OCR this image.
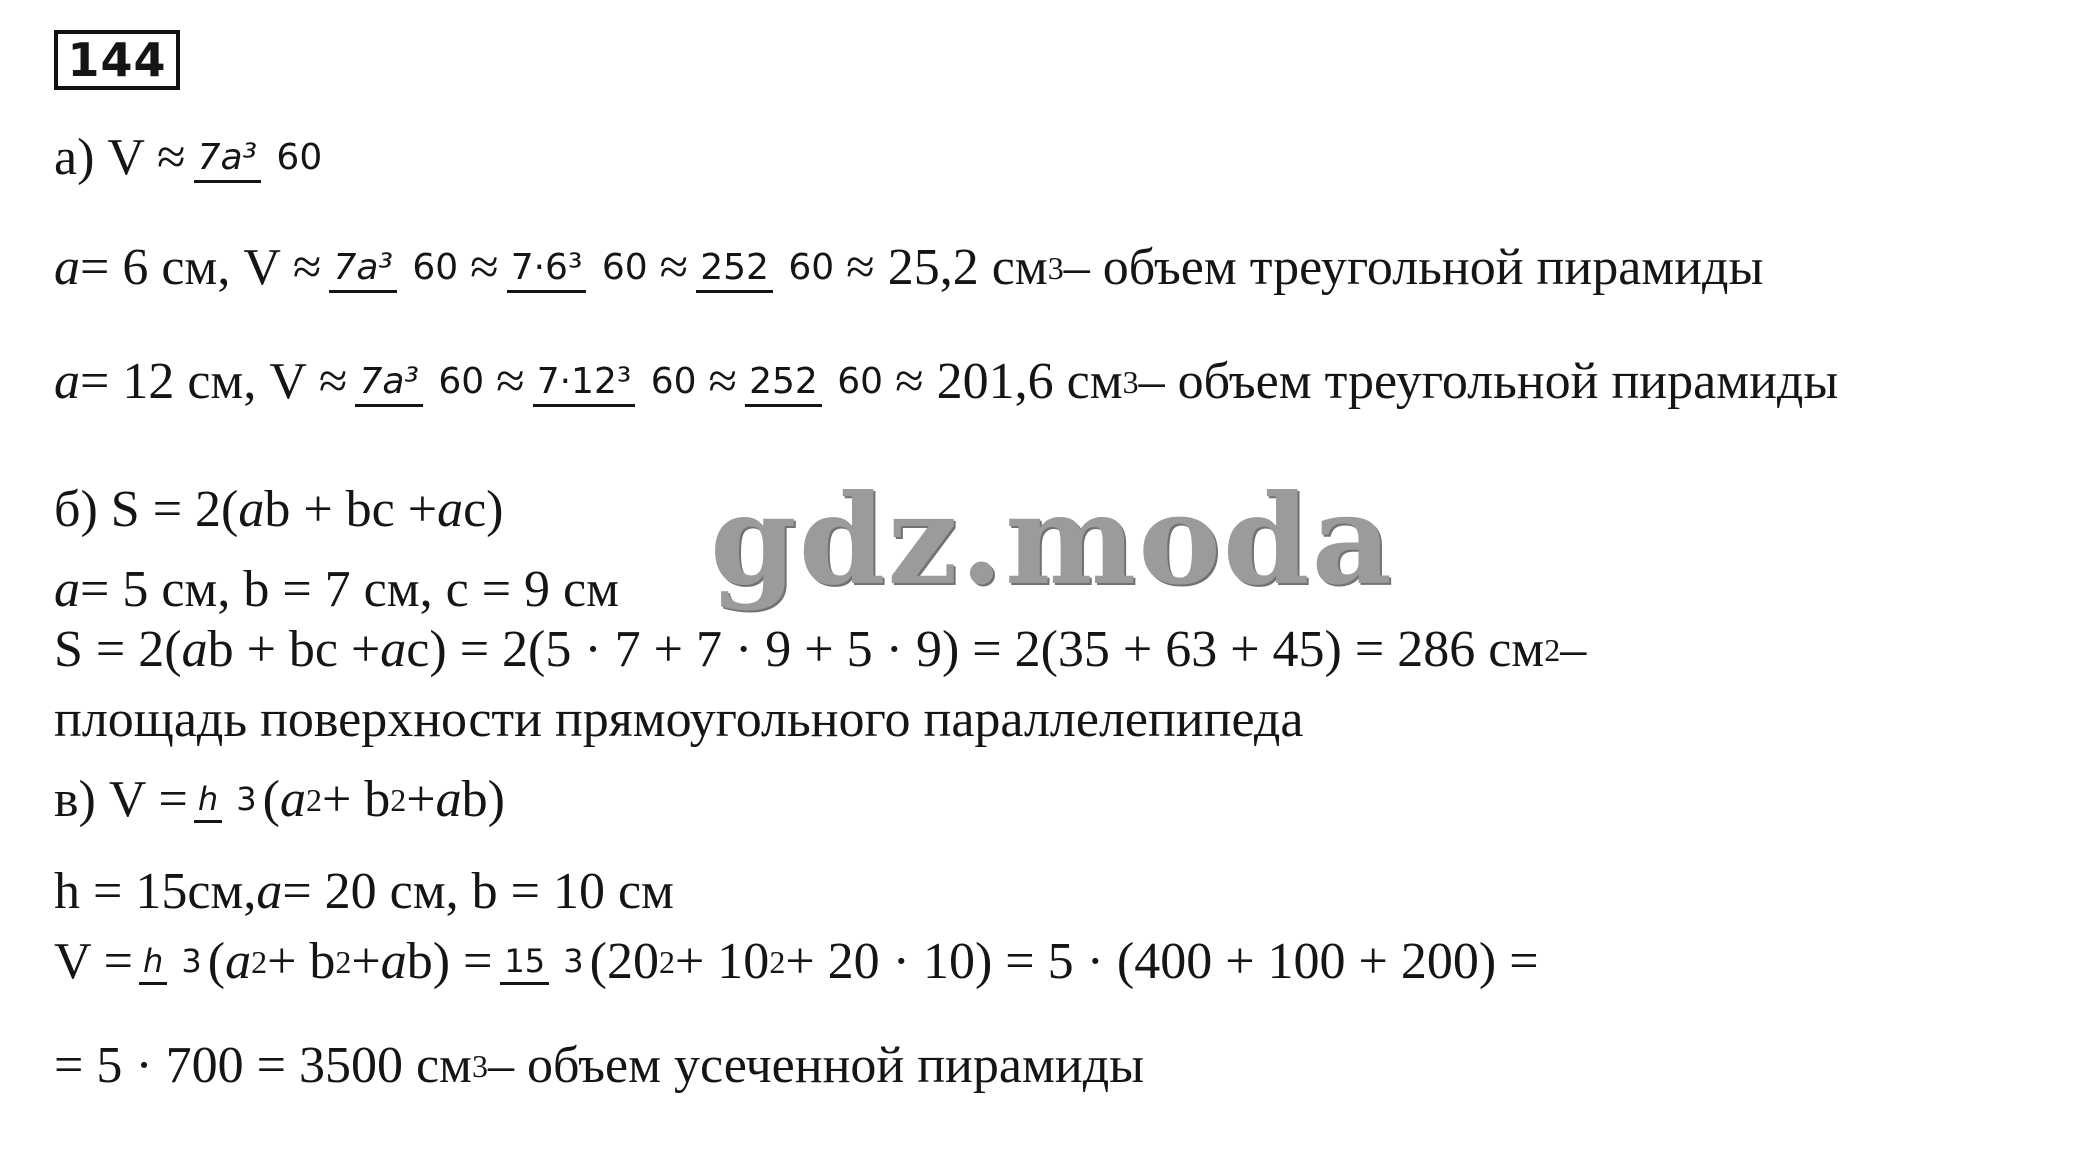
144
а) V ≈ 7a³ 60
a = 6 см, V ≈ 7a³ 60 ≈ 7·6³ 60 ≈ 252 60 ≈ 25,2 см 3 – объем треугольной пирамиды
a = 12 см, V ≈ 7a³ 60 ≈ 7·12³ 60 ≈ 252 60 ≈ 201,6 см 3 – объем треугольной пирамиды
б) S = 2( a b + bc + a c)
a = 5 см, b = 7 см, c = 9 см
S = 2( a b + bc + a c) = 2(5 · 7 + 7 · 9 + 5 · 9) = 2(35 + 63 + 45) = 286 см 2 –
площадь поверхности прямоугольного параллелепипеда
в) V = h 3 ( a 2 + b 2 + a b)
h = 15см, a = 20 см, b = 10 см
V = h 3 ( a 2 + b 2 + a b) = 15 3 (20 2 + 10 2 + 20 · 10) = 5 · (400 + 100 + 200) =
= 5 · 700 = 3500 см 3 – объем усеченной пирамиды
gdz.moda
